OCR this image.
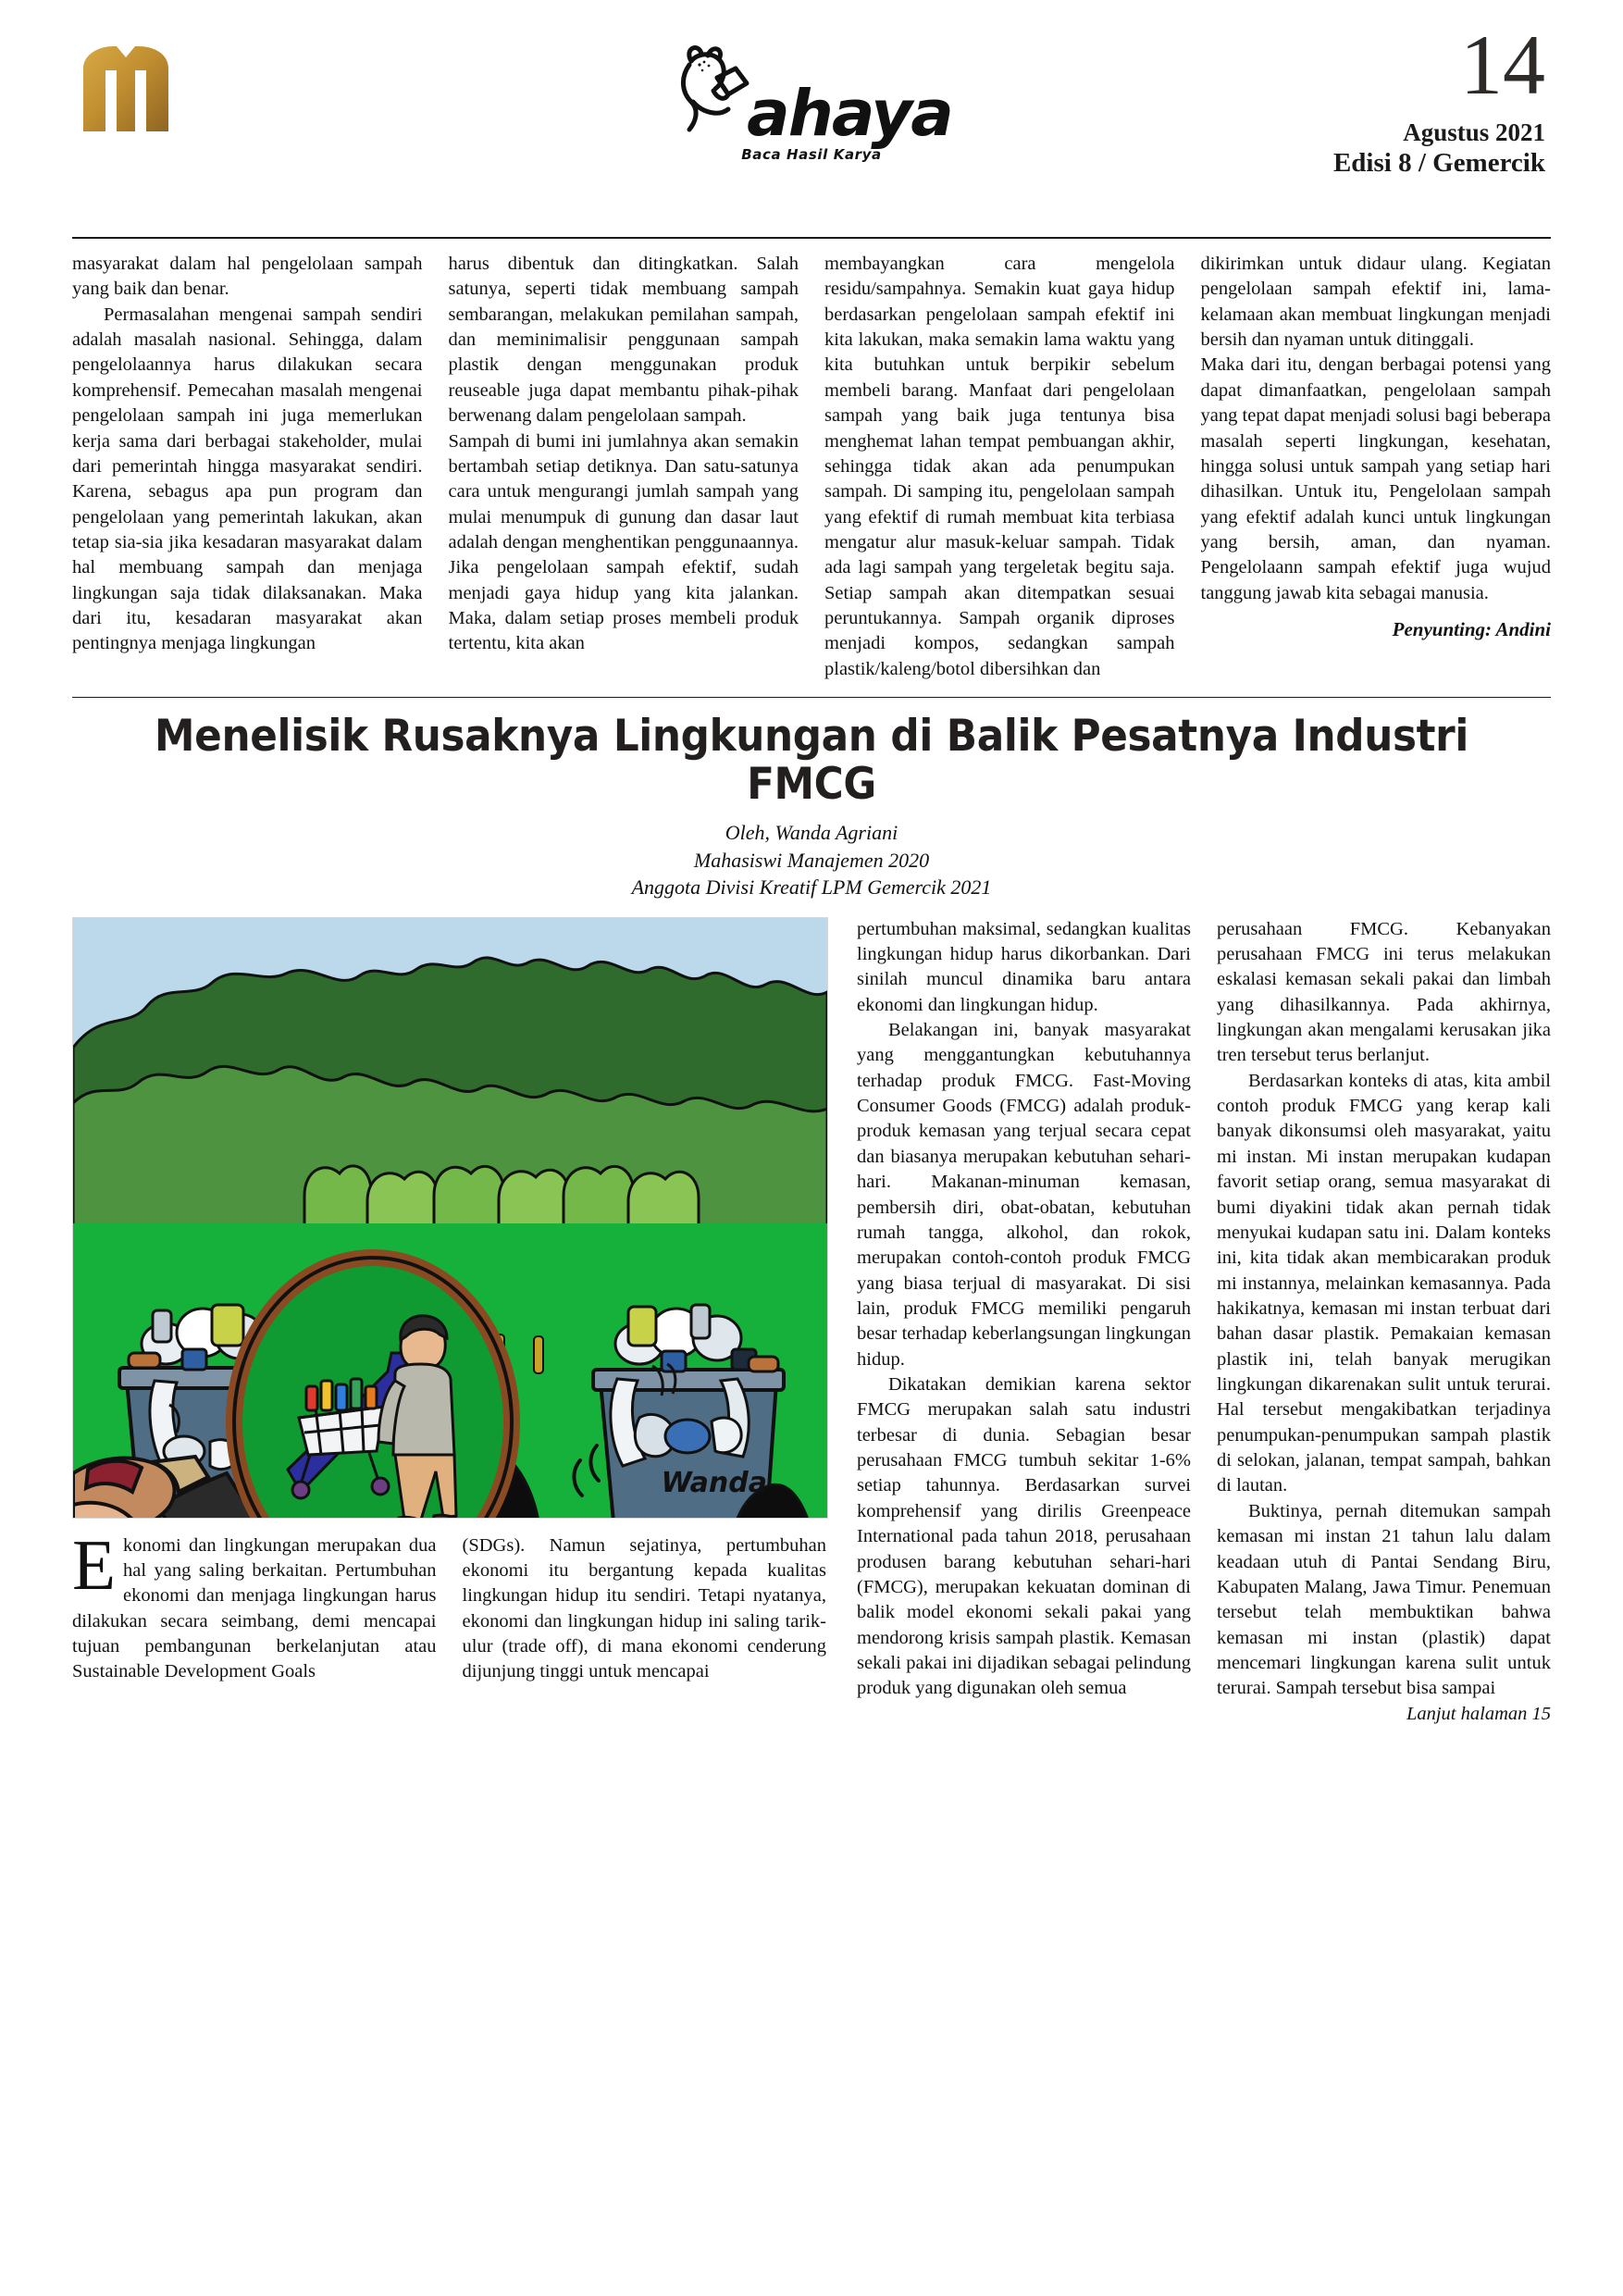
ahaya
Baca Hasil Karya
14
Agustus 2021
Edisi 8 / Gemercik

masyarakat dalam hal pengelolaan sampah yang baik dan benar.

Permasalahan mengenai sampah sendiri adalah masalah nasional. Sehingga, dalam pengelolaannya harus dilakukan secara komprehensif. Pemecahan masalah mengenai pengelolaan sampah ini juga memerlukan kerja sama dari berbagai stakeholder, mulai dari pemerintah hingga masyarakat sendiri. Karena, sebagus apa pun program dan pengelolaan yang pemerintah lakukan, akan tetap sia-sia jika kesadaran masyarakat dalam hal membuang sampah dan menjaga lingkungan saja tidak dilaksanakan. Maka dari itu, kesadaran masyarakat akan pentingnya menjaga lingkungan

harus dibentuk dan ditingkatkan. Salah satunya, seperti tidak membuang sampah sembarangan, melakukan pemilahan sampah, dan meminimalisir penggunaan sampah plastik dengan menggunakan produk reuseable juga dapat membantu pihak-pihak berwenang dalam pengelolaan sampah.

Sampah di bumi ini jumlahnya akan semakin bertambah setiap detiknya. Dan satu-satunya cara untuk mengurangi jumlah sampah yang mulai menumpuk di gunung dan dasar laut adalah dengan menghentikan penggunaannya. Jika pengelolaan sampah efektif, sudah menjadi gaya hidup yang kita jalankan. Maka, dalam setiap proses membeli produk tertentu, kita akan

membayangkan cara mengelola residu/sampahnya. Semakin kuat gaya hidup berdasarkan pengelolaan sampah efektif ini kita lakukan, maka semakin lama waktu yang kita butuhkan untuk berpikir sebelum membeli barang. Manfaat dari pengelolaan sampah yang baik juga tentunya bisa menghemat lahan tempat pembuangan akhir, sehingga tidak akan ada penumpukan sampah. Di samping itu, pengelolaan sampah yang efektif di rumah membuat kita terbiasa mengatur alur masuk-keluar sampah. Tidak ada lagi sampah yang tergeletak begitu saja. Setiap sampah akan ditempatkan sesuai peruntukannya. Sampah organik diproses menjadi kompos, sedangkan sampah plastik/kaleng/botol dibersihkan dan

dikirimkan untuk didaur ulang. Kegiatan pengelolaan sampah efektif ini, lama-kelamaan akan membuat lingkungan menjadi bersih dan nyaman untuk ditinggali.

Maka dari itu, dengan berbagai potensi yang dapat dimanfaatkan, pengelolaan sampah yang tepat dapat menjadi solusi bagi beberapa masalah seperti lingkungan, kesehatan, hingga solusi untuk sampah yang setiap hari dihasilkan. Untuk itu, Pengelolaan sampah yang efektif adalah kunci untuk lingkungan yang bersih, aman, dan nyaman. Pengelolaann sampah efektif juga wujud tanggung jawab kita sebagai manusia.

Penyunting: Andini
Menelisik Rusaknya Lingkungan di Balik Pesatnya Industri FMCG
Oleh, Wanda Agriani
Mahasiswi Manajemen 2020
Anggota Divisi Kreatif LPM Gemercik 2021
Wanda

Ekonomi dan lingkungan merupakan dua hal yang saling berkaitan. Pertumbuhan ekonomi dan menjaga lingkungan harus dilakukan secara seimbang, demi mencapai tujuan pembangunan berkelanjutan atau Sustainable Development Goals

(SDGs). Namun sejatinya, pertumbuhan ekonomi itu bergantung kepada kualitas lingkungan hidup itu sendiri. Tetapi nyatanya, ekonomi dan lingkungan hidup ini saling tarik-ulur (trade off), di mana ekonomi cenderung dijunjung tinggi untuk mencapai

pertumbuhan maksimal, sedangkan kualitas lingkungan hidup harus dikorbankan. Dari sinilah muncul dinamika baru antara ekonomi dan lingkungan hidup.

Belakangan ini, banyak masyarakat yang menggantungkan kebutuhannya terhadap produk FMCG. Fast-Moving Consumer Goods (FMCG) adalah produk-produk kemasan yang terjual secara cepat dan biasanya merupakan kebutuhan sehari-hari. Makanan-minuman kemasan, pembersih diri, obat-obatan, kebutuhan rumah tangga, alkohol, dan rokok, merupakan contoh-contoh produk FMCG yang biasa terjual di masyarakat. Di sisi lain, produk FMCG memiliki pengaruh besar terhadap keberlangsungan lingkungan hidup.

Dikatakan demikian karena sektor FMCG merupakan salah satu industri terbesar di dunia. Sebagian besar perusahaan FMCG tumbuh sekitar 1-6% setiap tahunnya. Berdasarkan survei komprehensif yang dirilis Greenpeace International pada tahun 2018, perusahaan produsen barang kebutuhan sehari-hari (FMCG), merupakan kekuatan dominan di balik model ekonomi sekali pakai yang mendorong krisis sampah plastik. Kemasan sekali pakai ini dijadikan sebagai pelindung produk yang digunakan oleh semua

perusahaan FMCG. Kebanyakan perusahaan FMCG ini terus melakukan eskalasi kemasan sekali pakai dan limbah yang dihasilkannya. Pada akhirnya, lingkungan akan mengalami kerusakan jika tren tersebut terus berlanjut.

Berdasarkan konteks di atas, kita ambil contoh produk FMCG yang kerap kali banyak dikonsumsi oleh masyarakat, yaitu mi instan. Mi instan merupakan kudapan favorit setiap orang, semua masyarakat di bumi diyakini tidak akan pernah tidak menyukai kudapan satu ini. Dalam konteks ini, kita tidak akan membicarakan produk mi instannya, melainkan kemasannya. Pada hakikatnya, kemasan mi instan terbuat dari bahan dasar plastik. Pemakaian kemasan plastik ini, telah banyak merugikan lingkungan dikarenakan sulit untuk terurai. Hal tersebut mengakibatkan terjadinya penumpukan-penumpukan sampah plastik di selokan, jalanan, tempat sampah, bahkan di lautan.

Buktinya, pernah ditemukan sampah kemasan mi instan 21 tahun lalu dalam keadaan utuh di Pantai Sendang Biru, Kabupaten Malang, Jawa Timur. Penemuan tersebut telah membuktikan bahwa kemasan mi instan (plastik) dapat mencemari lingkungan karena sulit untuk terurai. Sampah tersebut bisa sampai

Lanjut halaman 15
